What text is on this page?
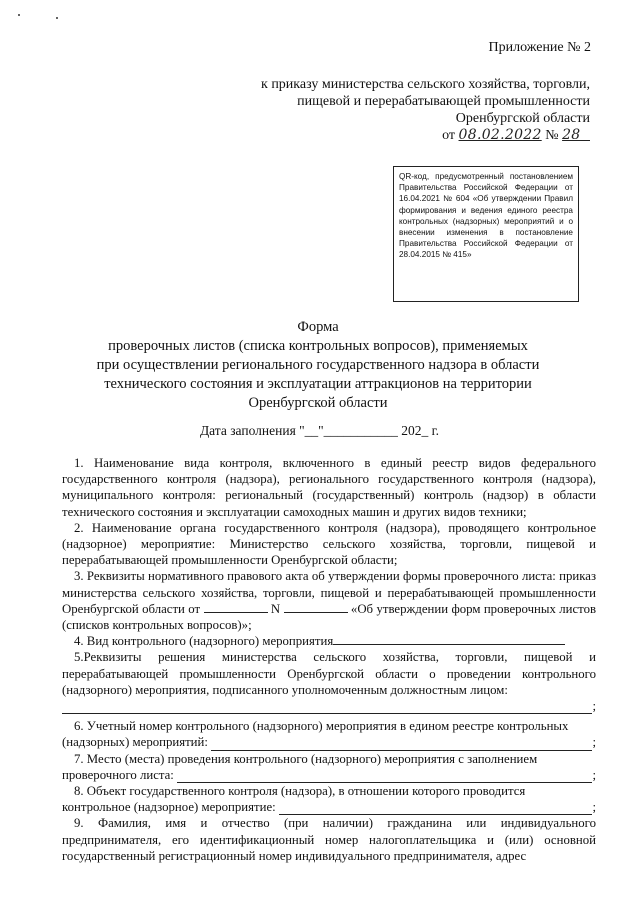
Приложение № 2
к приказу министерства сельского хозяйства, торговли,
пищевой и перерабатывающей промышленности
Оренбургской области
от 08.02.2022 № 28
QR-код, предусмотренный постановлением Правительства Российской Федерации от 16.04.2021 № 604 «Об утверждении Правил формирования и ведения единого реестра контрольных (надзорных) мероприятий и о внесении изменения в постановление Правительства Российской Федерации от 28.04.2015 № 415»
Форма
проверочных листов (списка контрольных вопросов), применяемых
при осуществлении регионального государственного надзора в области
технического состояния и эксплуатации аттракционов на территории
Оренбургской области
Дата заполнения "__"___________ 202_ г.

1. Наименование вида контроля, включенного в единый реестр видов федерального государственного контроля (надзора), регионального государственного контроля (надзора), муниципального контроля: региональный (государственный) контроль (надзор) в области технического состояния и эксплуатации самоходных машин и других видов техники;

2. Наименование органа государственного контроля (надзора), проводящего контрольное (надзорное) мероприятие: Министерство сельского хозяйства, торговли, пищевой и перерабатывающей промышленности Оренбургской области;

3. Реквизиты нормативного правового акта об утверждении формы проверочного листа: приказ министерства сельского хозяйства, торговли, пищевой и перерабатывающей промышленности Оренбургской области от	N	«Об утверждении форм проверочных листов (списков контрольных вопросов)»;

4. Вид контрольного (надзорного) мероприятия

5.Реквизиты решения министерства сельского хозяйства, торговли, пищевой и перерабатывающей промышленности Оренбургской области о проведении контрольного (надзорного) мероприятия, подписанного уполномоченным должностным лицом:

;

6. Учетный номер контрольного (надзорного) мероприятия в едином реестре контрольных

(надзорных) мероприятий:	;

7. Место (места) проведения контрольного (надзорного) мероприятия с заполнением

проверочного листа:	;

8. Объект государственного контроля (надзора), в отношении которого проводится

контрольное (надзорное) мероприятие:	;

9. Фамилия, имя и отчество (при наличии) гражданина или индивидуального предпринимателя, его идентификационный номер налогоплательщика и (или) основной государственный регистрационный номер индивидуального предпринимателя, адрес
